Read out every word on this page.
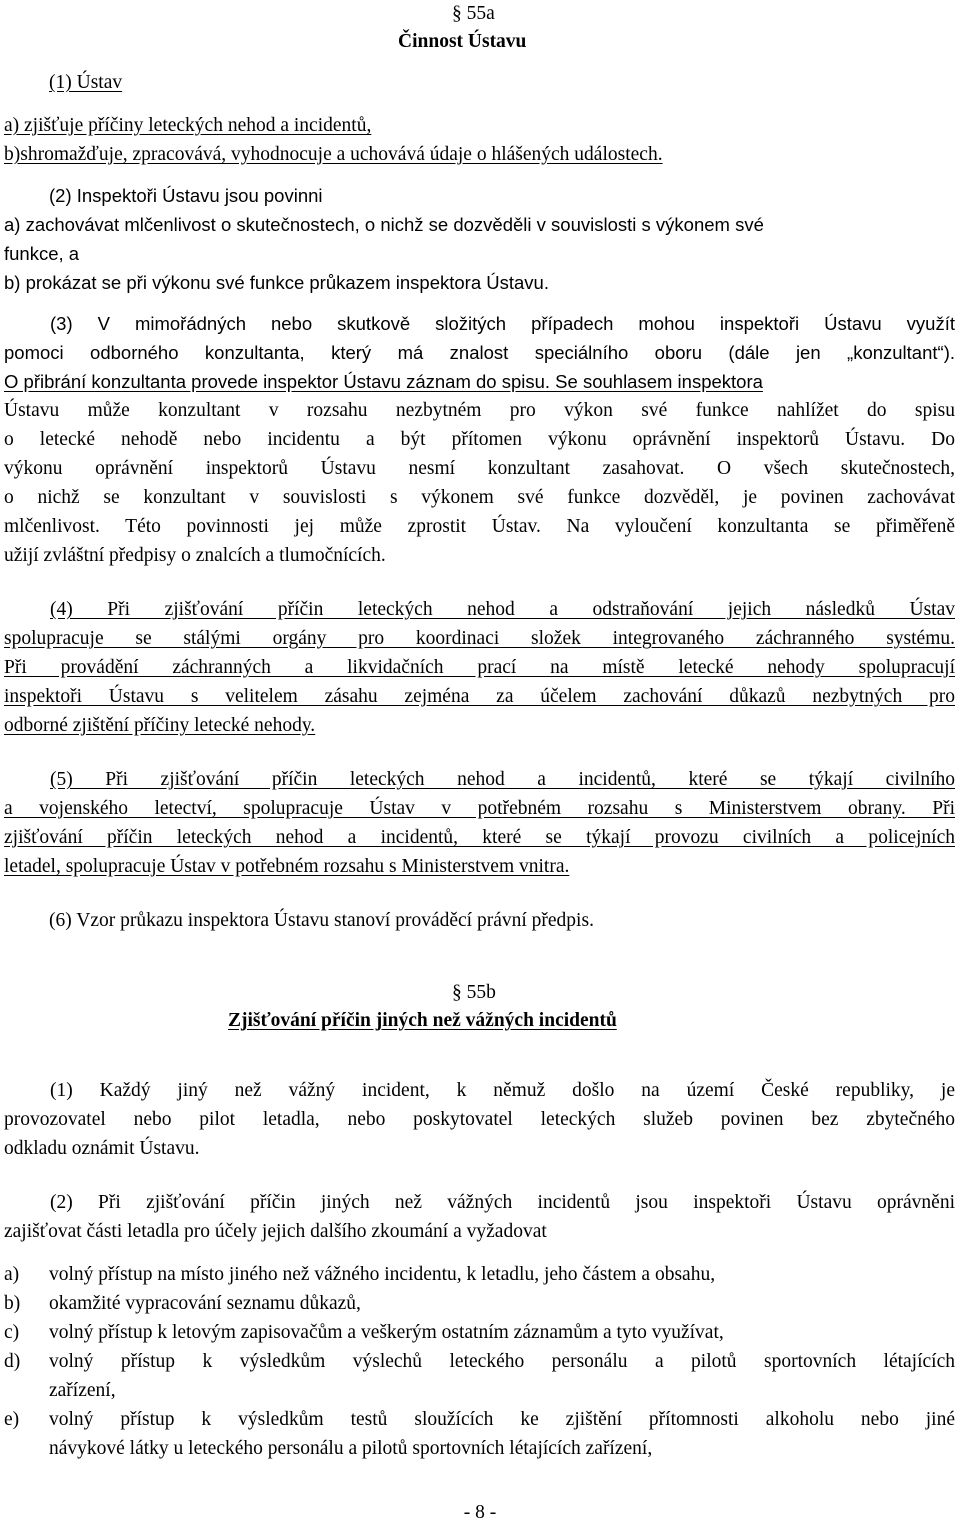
§ 55a
Činnost Ústavu
(1) Ústav
a) zjišťuje příčiny leteckých nehod a incidentů,
b)shromažďuje, zpracovává, vyhodnocuje a uchovává údaje o hlášených událostech.
(2) Inspektoři Ústavu jsou povinni
a) zachovávat mlčenlivost o skutečnostech, o nichž se dozvěděli v souvislosti s výkonem své
funkce, a
b) prokázat se při výkonu své funkce průkazem inspektora Ústavu.
(3) V mimořádných nebo skutkově složitých případech mohou inspektoři Ústavu využít
pomoci odborného konzultanta, který má znalost speciálního oboru (dále jen „konzultant“).
O přibrání konzultanta provede inspektor Ústavu záznam do spisu. Se souhlasem inspektora
Ústavu může konzultant v rozsahu nezbytném pro výkon své funkce nahlížet do spisu
o letecké nehodě nebo incidentu a být přítomen výkonu oprávnění inspektorů Ústavu. Do
výkonu oprávnění inspektorů Ústavu nesmí konzultant zasahovat. O všech skutečnostech,
o nichž se konzultant v souvislosti s výkonem své funkce dozvěděl, je povinen zachovávat
mlčenlivost. Této povinnosti jej může zprostit Ústav. Na vyloučení konzultanta se přiměřeně
užijí zvláštní předpisy o znalcích a tlumočnících.
(4) Při zjišťování příčin leteckých nehod a odstraňování jejich následků Ústav
spolupracuje se stálými orgány pro koordinaci složek integrovaného záchranného systému.
Při provádění záchranných a likvidačních prací na místě letecké nehody spolupracují
inspektoři Ústavu s velitelem zásahu zejména za účelem zachování důkazů nezbytných pro
odborné zjištění příčiny letecké nehody.
(5) Při zjišťování příčin leteckých nehod a incidentů, které se týkají civilního
a vojenského letectví, spolupracuje Ústav v potřebném rozsahu s Ministerstvem obrany. Při
zjišťování příčin leteckých nehod a incidentů, které se týkají provozu civilních a policejních
letadel, spolupracuje Ústav v potřebném rozsahu s Ministerstvem vnitra.
(6) Vzor průkazu inspektora Ústavu stanoví prováděcí právní předpis.
§ 55b
Zjišťování příčin jiných než vážných incidentů
(1) Každý jiný než vážný incident, k němuž došlo na území České republiky, je
provozovatel nebo pilot letadla, nebo poskytovatel leteckých služeb povinen bez zbytečného
odkladu oznámit Ústavu.
(2) Při zjišťování příčin jiných než vážných incidentů jsou inspektoři Ústavu oprávněni
zajišťovat části letadla pro účely jejich dalšího zkoumání a vyžadovat
a) volný přístup na místo jiného než vážného incidentu, k letadlu, jeho částem a obsahu,
b) okamžité vypracování seznamu důkazů,
c) volný přístup k letovým zapisovačům a veškerým ostatním záznamům a tyto využívat,
d) volný přístup k výsledkům výslechů leteckého personálu a pilotů sportovních létajících
zařízení,
e) volný přístup k výsledkům testů sloužících ke zjištění přítomnosti alkoholu nebo jiné
návykové látky u leteckého personálu a pilotů sportovních létajících zařízení,
- 8 -
